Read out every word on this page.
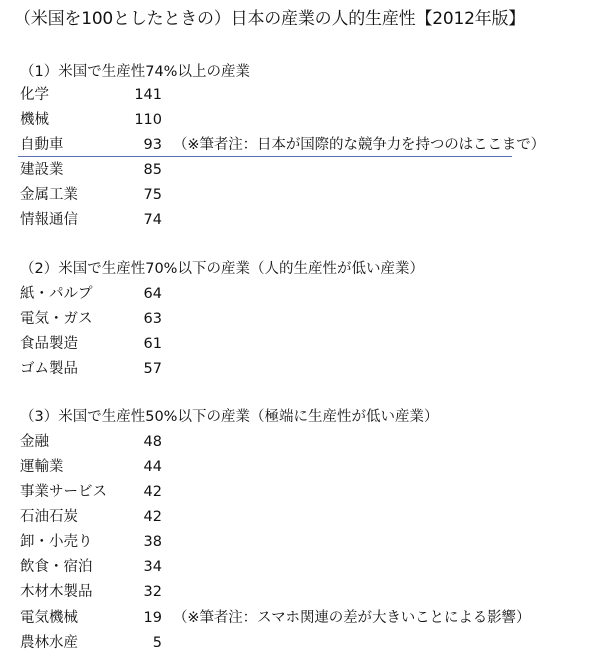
（米国を100としたときの）日本の産業の人的生産性【2012年版】
（1）米国で生産性74%以上の産業
化学	141
機械	110
自動車	93 （※筆者注：日本が国際的な競争力を持つのはここまで）
建設業	85
金属工業	75
情報通信	74
（2）米国で生産性70%以下の産業（人的生産性が低い産業）
紙・パルプ	64
電気・ガス	63
食品製造	61
ゴム製品	57
（3）米国で生産性50%以下の産業（極端に生産性が低い産業）
金融	48
運輸業	44
事業サービス	42
石油石炭	42
卸・小売り	38
飲食・宿泊	34
木材木製品	32
電気機械	19 （※筆者注：スマホ関連の差が大きいことによる影響）
農林水産	5
